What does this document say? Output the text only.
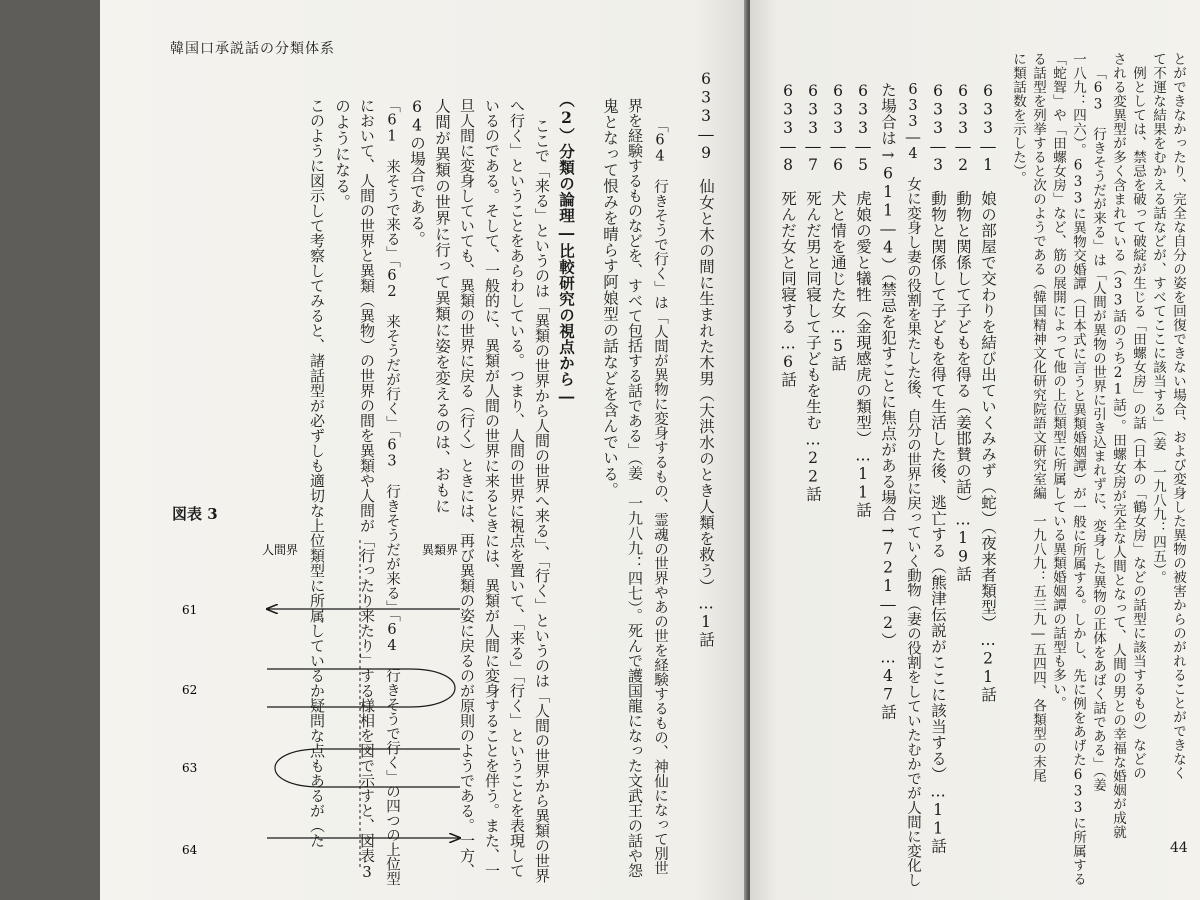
韓国口承説話の分類体系
633―9　仙女と木の間に生まれた木男（大洪水のとき人類を救う）…1話
「64　行きそうで行く」は「人間が異物に変身するもの、霊魂の世界やあの世を経験するもの、神仙になって別世
界を経験するものなどを、すべて包括する話である」（姜　一九八九：四七）。死んで護国龍になった文武王の話や怨
鬼となって恨みを晴らす阿娘型の話などを含んでいる。
（2）分類の論理―比較研究の視点から―
ここで「来る」というのは「異類の世界から人間の世界へ来る」、「行く」というのは「人間の世界から異類の世界
へ行く」ということをあらわしている。つまり、人間の世界に視点を置いて、「来る」「行く」ということを表現して
いるのである。そして、一般的に、異類が人間の世界に来るときには、異類が人間に変身することを伴う。また、一
旦人間に変身していても、異類の世界に戻る（行く）ときには、再び異類の姿に戻るのが原則のようである。一方、
人間が異類の世界に行って異類に姿を変えるのは、おもに
64の場合である。
「61　来そうで来る」「62　来そうだが行く」「63　行きそうだが来る」「64　行きそうで行く」の四つの上位型
において、人間の世界と異類（異物）の世界の間を異類や人間が「行ったり来たり」する様相を図で示すと、図表3
のようになる。
このように図示して考察してみると、諸話型が必ずしも適切な上位類型に所属しているか疑問な点もあるが（た
図表 3
人間界	異類界
61
62
63
64
とができなかったり、完全な自分の姿を回復できない場合、および変身した異物の被害からのがれることができなく
て不運な結果をむかえる話などが、すべてここに該当する」（姜　一九八九：四五）。
例としては、禁忌を破って破綻が生じる「田螺女房」の話（日本の「鶴女房」などの話型に該当するもの）などの
される変異型が多く含まれている（33話のうち21話）。田螺女房が完全な人間となって、人間の男との幸福な婚姻が成就
「63　行きそうだが来る」は「人間が異物の世界に引き込まれずに、変身した異物の正体をあばく話である」（姜
一八九：四六）。633に異物交婚譚（日本式に言うと異類婚姻譚）が一般に所属する。しかし、先に例をあげた633に所属する
「蛇聟」や「田螺女房」など、筋の展開によって他の上位類型に所属している異類婚姻譚の話型も多い。
る話型を列挙すると次のようである（韓国精神文化研究院語文研究室編　一九八九：五三九―五四四、各類型の末尾
に類話数を示した）。
633―1　娘の部屋で交わりを結び出ていくみみず（蛇）（夜来者類型）…21話
633―2　動物と関係して子どもを得る（姜邯賛の話）…19話
633―3　動物と関係して子どもを得て生活した後、逃亡する（熊津伝説がここに該当する）…11話
633―4　女に変身し妻の役割を果たした後、自分の世界に戻っていく動物（妻の役割をしていたむかでが人間に変化し
た場合は→611―4）（禁忌を犯すことに焦点がある場合→721―2）…47話
633―5　虎娘の愛と犠牲（金現感虎の類型）…11話
633―6　犬と情を通じた女…5話
633―7　死んだ男と同寝して子どもを生む…22話
633―8　死んだ女と同寝する…6話
44
